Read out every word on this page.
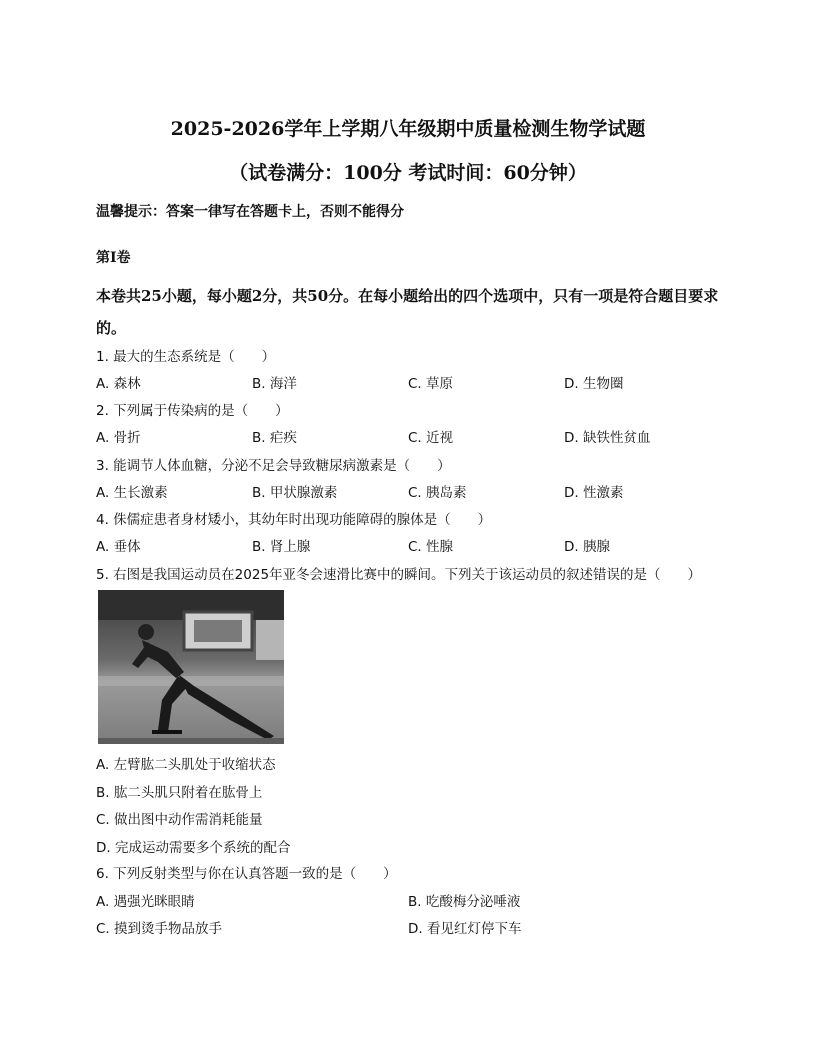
2025-2026学年上学期八年级期中质量检测生物学试题
（试卷满分：100分 考试时间：60分钟）
温馨提示：答案一律写在答题卡上，否则不能得分
第Ⅰ卷
本卷共25小题，每小题2分，共50分。在每小题给出的四个选项中，只有一项是符合题目要求的。
1. 最大的生态系统是（　　）
A. 森林	B. 海洋	C. 草原	D. 生物圈
2. 下列属于传染病的是（　　）
A. 骨折	B. 疟疾	C. 近视	D. 缺铁性贫血
3. 能调节人体血糖，分泌不足会导致糖尿病激素是（　　）
A. 生长激素	B. 甲状腺激素	C. 胰岛素	D. 性激素
4. 侏儒症患者身材矮小，其幼年时出现功能障碍的腺体是（　　）
A. 垂体	B. 肾上腺	C. 性腺	D. 胰腺
5. 右图是我国运动员在2025年亚冬会速滑比赛中的瞬间。下列关于该运动员的叙述错误的是（　　）
A. 左臂肱二头肌处于收缩状态
B. 肱二头肌只附着在肱骨上
C. 做出图中动作需消耗能量
D. 完成运动需要多个系统的配合
6. 下列反射类型与你在认真答题一致的是（　　）
A. 遇强光眯眼睛	B. 吃酸梅分泌唾液
C. 摸到烫手物品放手	D. 看见红灯停下车
